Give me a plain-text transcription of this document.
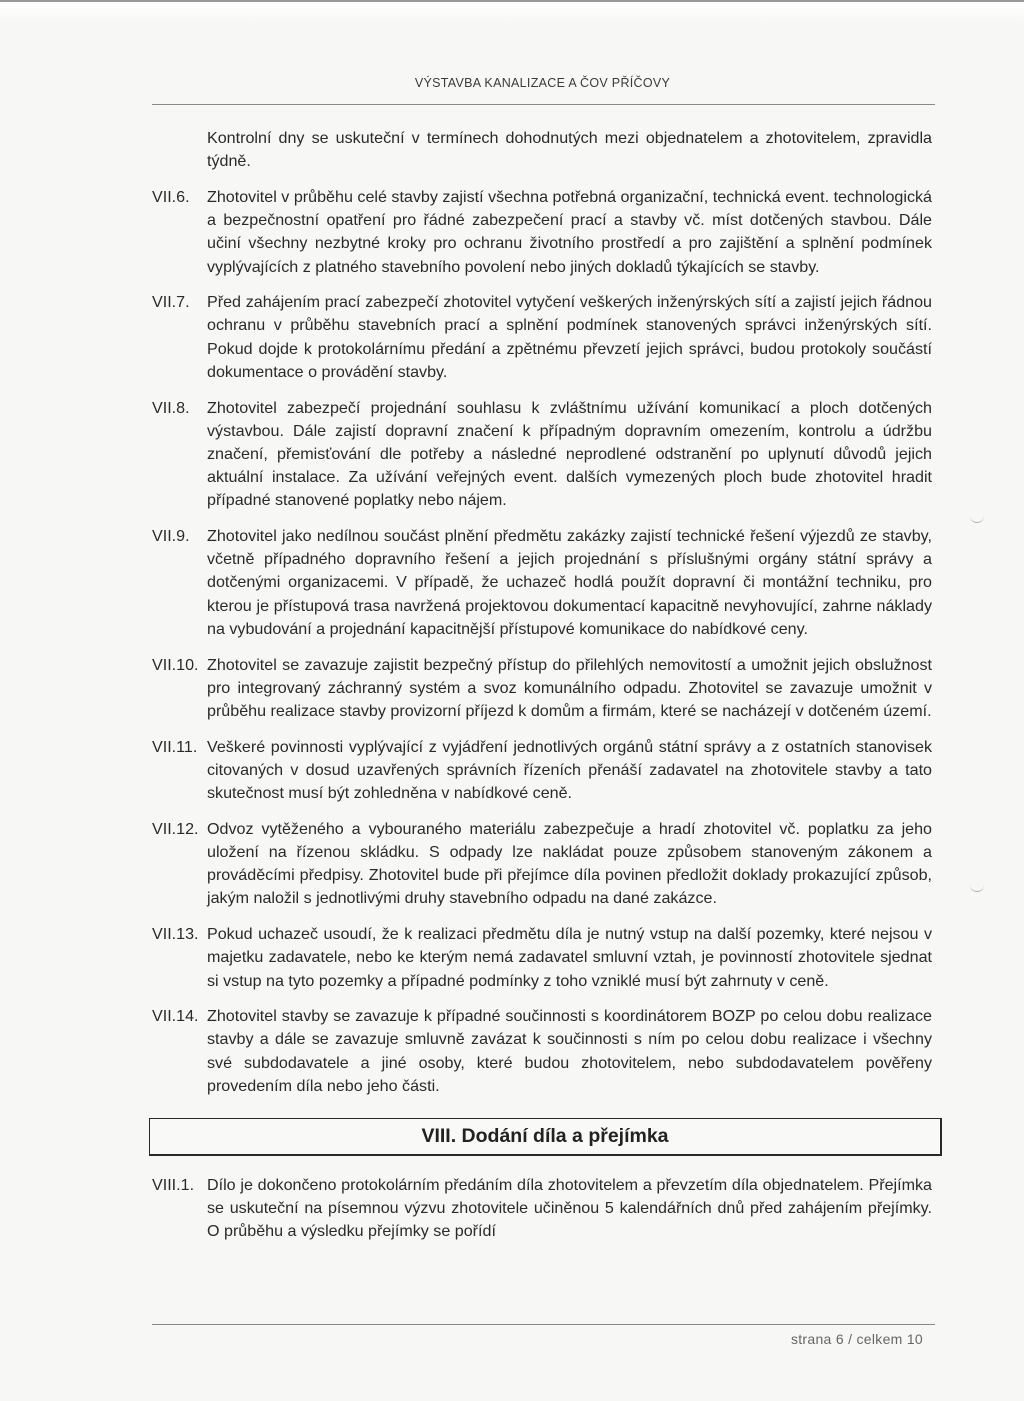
VÝSTAVBA KANALIZACE A ČOV PŘÍČOVY
Kontrolní dny se uskuteční v termínech dohodnutých mezi objednatelem a zhotovitelem, zpravidla týdně.
VII.6.	Zhotovitel v průběhu celé stavby zajistí všechna potřebná organizační, technická event. technologická a bezpečnostní opatření pro řádné zabezpečení prací a stavby vč. míst dotčených stavbou. Dále učiní všechny nezbytné kroky pro ochranu životního prostředí a pro zajištění a splnění podmínek vyplývajících z platného stavebního povolení nebo jiných dokladů týkajících se stavby.
VII.7.	Před zahájením prací zabezpečí zhotovitel vytyčení veškerých inženýrských sítí a zajistí jejich řádnou ochranu v průběhu stavebních prací a splnění podmínek stanovených správci inženýrských sítí. Pokud dojde k protokolárnímu předání a zpětnému převzetí jejich správci, budou protokoly součástí dokumentace o provádění stavby.
VII.8.	Zhotovitel zabezpečí projednání souhlasu k zvláštnímu užívání komunikací a ploch dotčených výstavbou. Dále zajistí dopravní značení k případným dopravním omezením, kontrolu a údržbu značení, přemisťování dle potřeby a následné neprodlené odstranění po uplynutí důvodů jejich aktuální instalace. Za užívání veřejných event. dalších vymezených ploch bude zhotovitel hradit případné stanovené poplatky nebo nájem.
VII.9.	Zhotovitel jako nedílnou součást plnění předmětu zakázky zajistí technické řešení výjezdů ze stavby, včetně případného dopravního řešení a jejich projednání s příslušnými orgány státní správy a dotčenými organizacemi. V případě, že uchazeč hodlá použít dopravní či montážní techniku, pro kterou je přístupová trasa navržená projektovou dokumentací kapacitně nevyhovující, zahrne náklady na vybudování a projednání kapacitnější přístupové komunikace do nabídkové ceny.
VII.10. Zhotovitel se zavazuje zajistit bezpečný přístup do přilehlých nemovitostí a umožnit jejich obslužnost pro integrovaný záchranný systém a svoz komunálního odpadu. Zhotovitel se zavazuje umožnit v průběhu realizace stavby provizorní příjezd k domům a firmám, které se nacházejí v dotčeném území.
VII.11. Veškeré povinnosti vyplývající z vyjádření jednotlivých orgánů státní správy a z ostatních stanovisek citovaných v dosud uzavřených správních řízeních přenáší zadavatel na zhotovitele stavby a tato skutečnost musí být zohledněna v nabídkové ceně.
VII.12. Odvoz vytěženého a vybouraného materiálu zabezpečuje a hradí zhotovitel vč. poplatku za jeho uložení na řízenou skládku. S odpady lze nakládat pouze způsobem stanoveným zákonem a prováděcími předpisy. Zhotovitel bude při přejímce díla povinen předložit doklady prokazující způsob, jakým naložil s jednotlivými druhy stavebního odpadu na dané zakázce.
VII.13. Pokud uchazeč usoudí, že k realizaci předmětu díla je nutný vstup na další pozemky, které nejsou v majetku zadavatele, nebo ke kterým nemá zadavatel smluvní vztah, je povinností zhotovitele sjednat si vstup na tyto pozemky a případné podmínky z toho vzniklé musí být zahrnuty v ceně.
VII.14. Zhotovitel stavby se zavazuje k případné součinnosti s koordinátorem BOZP po celou dobu realizace stavby a dále se zavazuje smluvně zavázat k součinnosti s ním po celou dobu realizace i všechny své subdodavatele a jiné osoby, které budou zhotovitelem, nebo subdodavatelem pověřeny provedením díla nebo jeho části.
VIII. Dodání díla a přejímka
VIII.1. Dílo je dokončeno protokolárním předáním díla zhotovitelem a převzetím díla objednatelem. Přejímka se uskuteční na písemnou výzvu zhotovitele učiněnou 5 kalendářních dnů před zahájením přejímky. O průběhu a výsledku přejímky se pořídí
strana 6 / celkem 10
